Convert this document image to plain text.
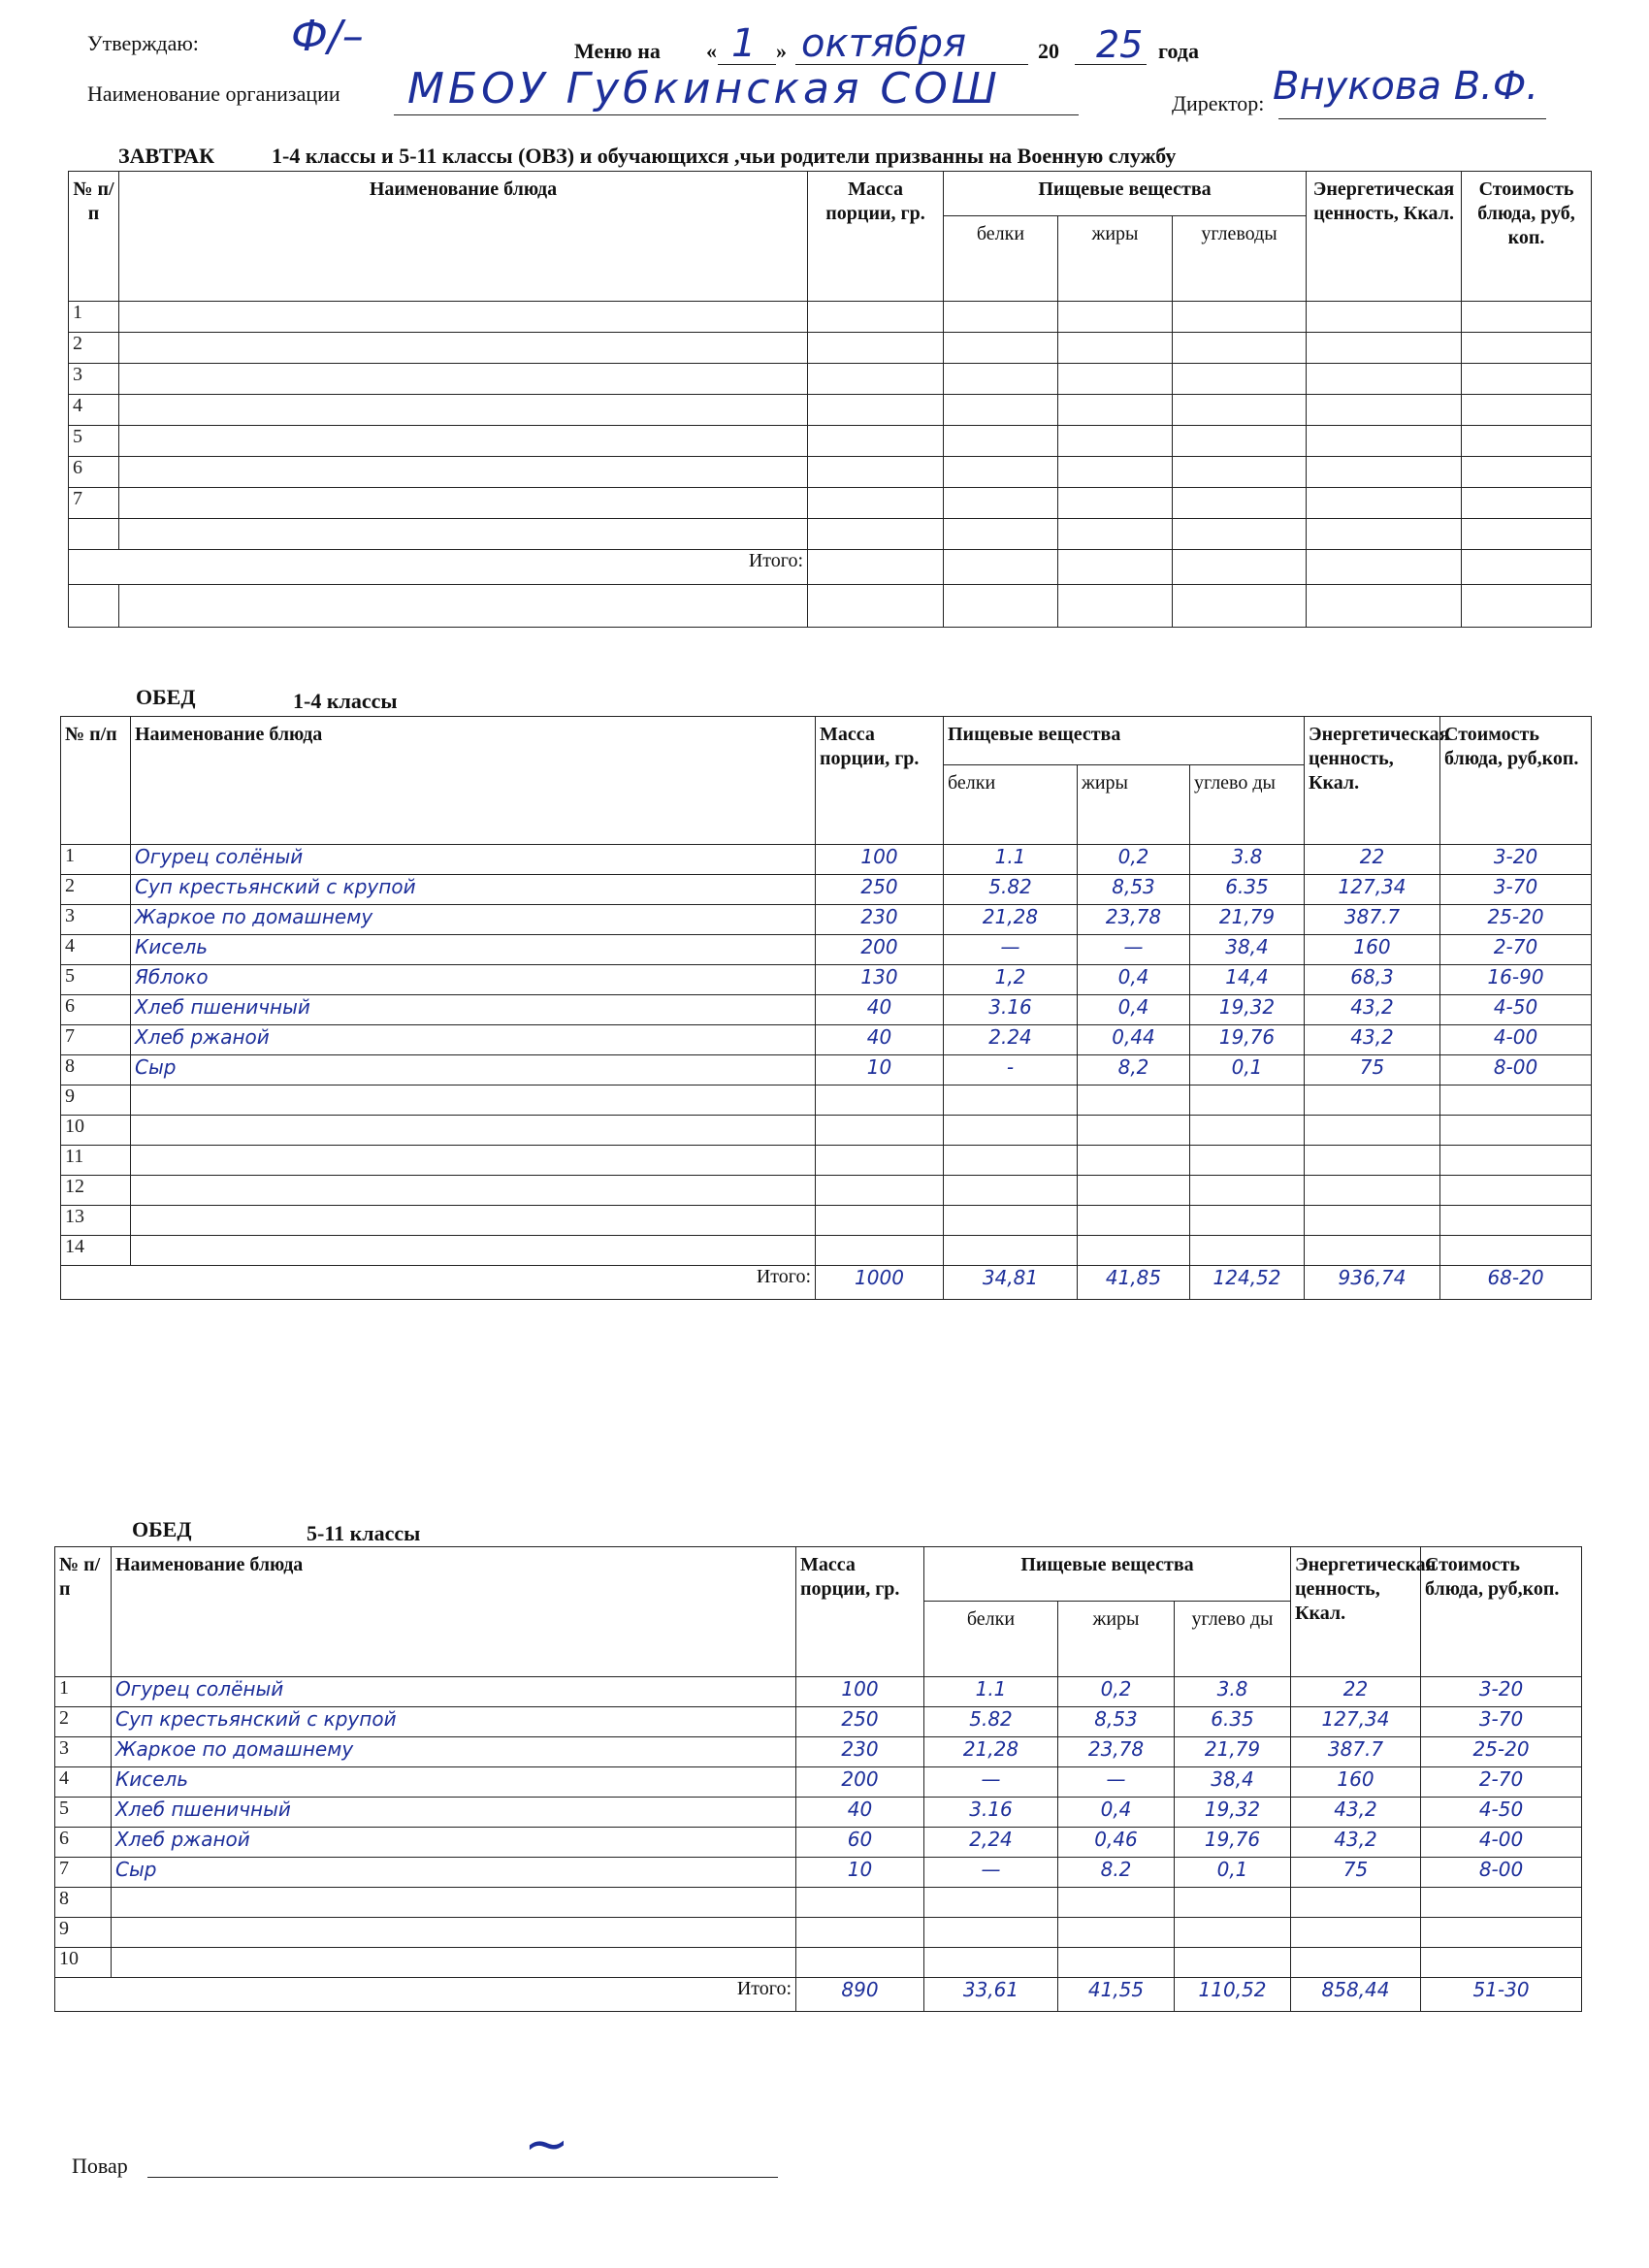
Утверждаю: Ф/–	Меню на « 1 » октября	20 25 года
Наименование организации МБОУ Губкинская СОШ	Директор: Внукова В.Ф.
ЗАВТРАК	1-4 классы и 5-11 классы (ОВЗ) и обучающихся ,чьи родители призванны на Военную службу
№ п/п	Наименование блюда	Масса порции, гр.	Пищевые вещества			Энергетическая ценность, Ккал.	Стоимость блюда, руб, коп.
			белки	жиры	углеводы		
1							
2							
3							
4							
5							
6							
7							

Итого:							

ОБЕД	1-4 классы
№ п/п	Наименование блюда	Масса порции, гр.	Пищевые вещества			Энергетическая ценность, Ккал.	Стоимость блюда, руб,коп.
			белки	жиры	углево ды		
1	Огурец солёный	100	1.1	0,2	3.8	22	3-20
2	Суп крестьянский с крупой	250	5.82	8,53	6.35	127,34	3-70
3	Жаркое по домашнему	230	21,28	23,78	21,79	387.7	25-20
4	Кисель	200	—	—	38,4	160	2-70
5	Яблоко	130	1,2	0,4	14,4	68,3	16-90
6	Хлеб пшеничный	40	3.16	0,4	19,32	43,2	4-50
7	Хлеб ржаной	40	2.24	0,44	19,76	43,2	4-00
8	Сыр	10	-	8,2	0,1	75	8-00
9							
10							
11							
12							
13							
14							
Итого:		1000	34,81	41,85	124,52	936,74	68-20
ОБЕД	5-11 классы
№ п/п	Наименование блюда	Масса порции, гр.	Пищевые вещества			Энергетическая ценность, Ккал.	Стоимость блюда, руб,коп.
			белки	жиры	углево ды		
1	Огурец солёный	100	1.1	0,2	3.8	22	3-20
2	Суп крестьянский с крупой	250	5.82	8,53	6.35	127,34	3-70
3	Жаркое по домашнему	230	21,28	23,78	21,79	387.7	25-20
4	Кисель	200	—	—	38,4	160	2-70
5	Хлеб пшеничный	40	3.16	0,4	19,32	43,2	4-50
6	Хлеб ржаной	60	2,24	0,46	19,76	43,2	4-00
7	Сыр	10	—	8.2	0,1	75	8-00
8							
9							
10							
Итого:		890	33,61	41,55	110,52	858,44	51-30
Повар	∼
